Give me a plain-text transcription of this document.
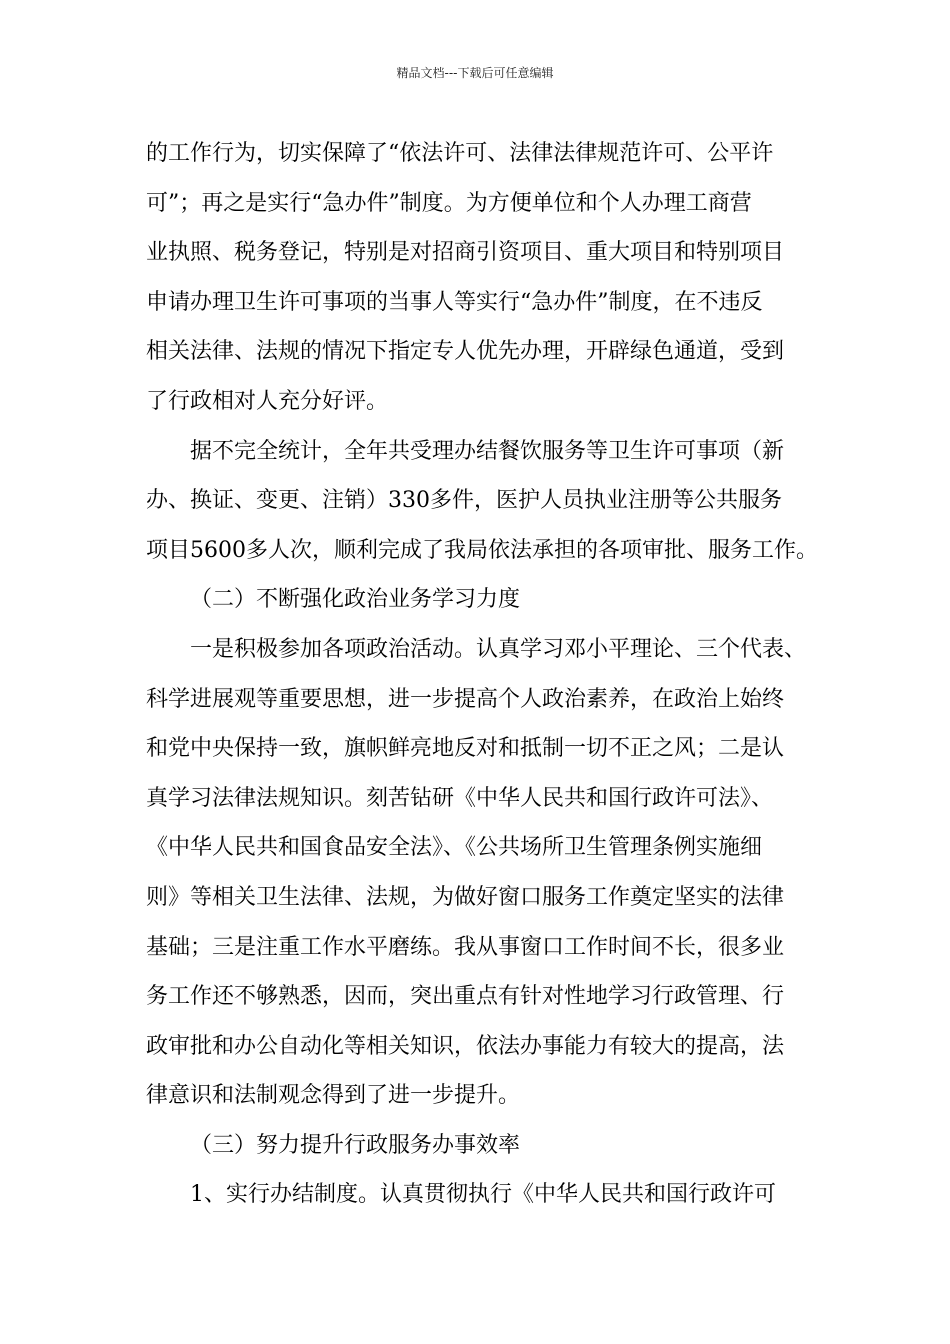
精品文档---下载后可任意编辑
的工作行为，切实保障了“依法许可、法律法律规范许可、公平许
可”；再之是实行“急办件”制度。为方便单位和个人办理工商营
业执照、税务登记，特别是对招商引资项目、重大项目和特别项目
申请办理卫生许可事项的当事人等实行“急办件”制度，在不违反
相关法律、法规的情况下指定专人优先办理，开辟绿色通道，受到
了行政相对人充分好评。
据不完全统计，全年共受理办结餐饮服务等卫生许可事项（新
办、换证、变更、注销）330多件，医护人员执业注册等公共服务
项目5600多人次，顺利完成了我局依法承担的各项审批、服务工作。
（二）不断强化政治业务学习力度
一是积极参加各项政治活动。认真学习邓小平理论、三个代表、
科学进展观等重要思想，进一步提高个人政治素养，在政治上始终
和党中央保持一致，旗帜鲜亮地反对和抵制一切不正之风；二是认
真学习法律法规知识。刻苦钻研《中华人民共和国行政许可法》、
《中华人民共和国食品安全法》、《公共场所卫生管理条例实施细
则》等相关卫生法律、法规，为做好窗口服务工作奠定坚实的法律
基础；三是注重工作水平磨练。我从事窗口工作时间不长，很多业
务工作还不够熟悉，因而，突出重点有针对性地学习行政管理、行
政审批和办公自动化等相关知识，依法办事能力有较大的提高，法
律意识和法制观念得到了进一步提升。
（三）努力提升行政服务办事效率
1、实行办结制度。认真贯彻执行《中华人民共和国行政许可
